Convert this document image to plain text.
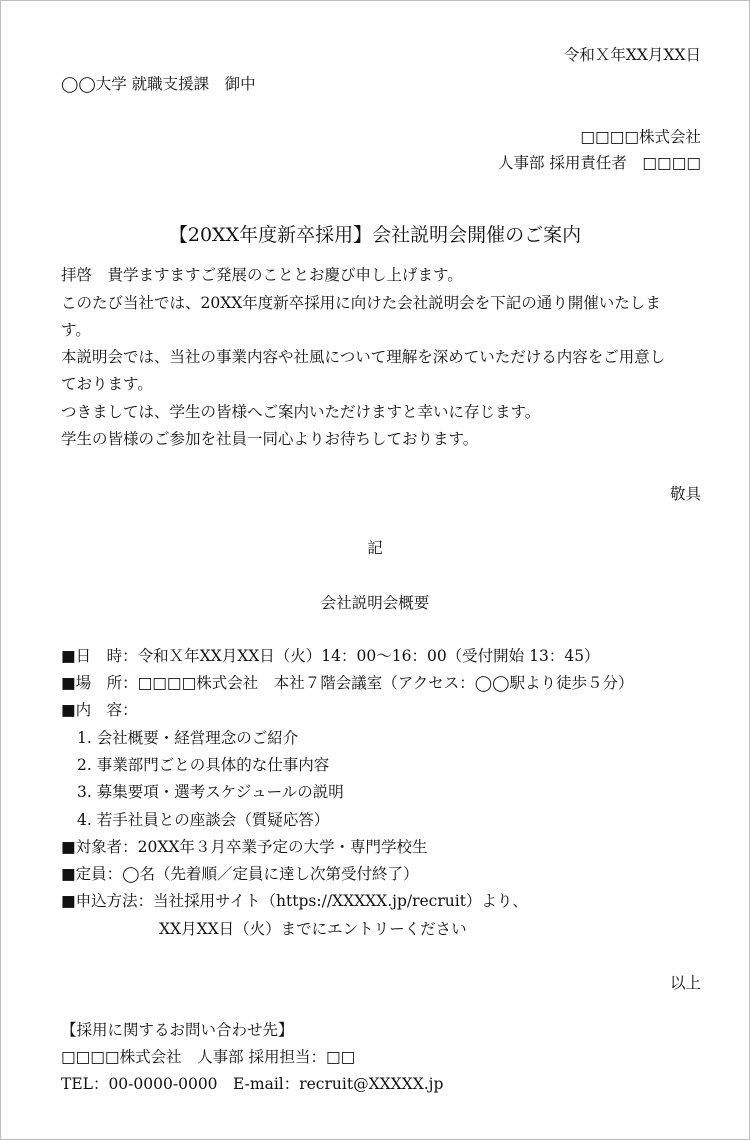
令和Ｘ年XX月XX日
◯◯大学 就職支援課　御中
□□□□株式会社
人事部 採用責任者　□□□□
【20XX年度新卒採用】会社説明会開催のご案内
拝啓　貴学ますますご発展のこととお慶び申し上げます。
このたび当社では、20XX年度新卒採用に向けた会社説明会を下記の通り開催いたしま
す。
本説明会では、当社の事業内容や社風について理解を深めていただける内容をご用意し
ております。
つきましては、学生の皆様へご案内いただけますと幸いに存じます。
学生の皆様のご参加を社員一同心よりお待ちしております。
敬具
記
会社説明会概要
■日　時：令和Ｘ年XX月XX日（火）14：00〜16：00（受付開始 13：45）
■場　所：□□□□株式会社　本社７階会議室（アクセス：◯◯駅より徒歩５分）
■内　容：
1. 会社概要・経営理念のご紹介
2. 事業部門ごとの具体的な仕事内容
3. 募集要項・選考スケジュールの説明
4. 若手社員との座談会（質疑応答）
■対象者：20XX年３月卒業予定の大学・専門学校生
■定員：◯名（先着順／定員に達し次第受付終了）
■申込方法：当社採用サイト（https://XXXXX.jp/recruit）より、
XX月XX日（火）までにエントリーください
以上
【採用に関するお問い合わせ先】
□□□□株式会社　人事部 採用担当：□□
TEL：00-0000-0000　E-mail：recruit@XXXXX.jp
